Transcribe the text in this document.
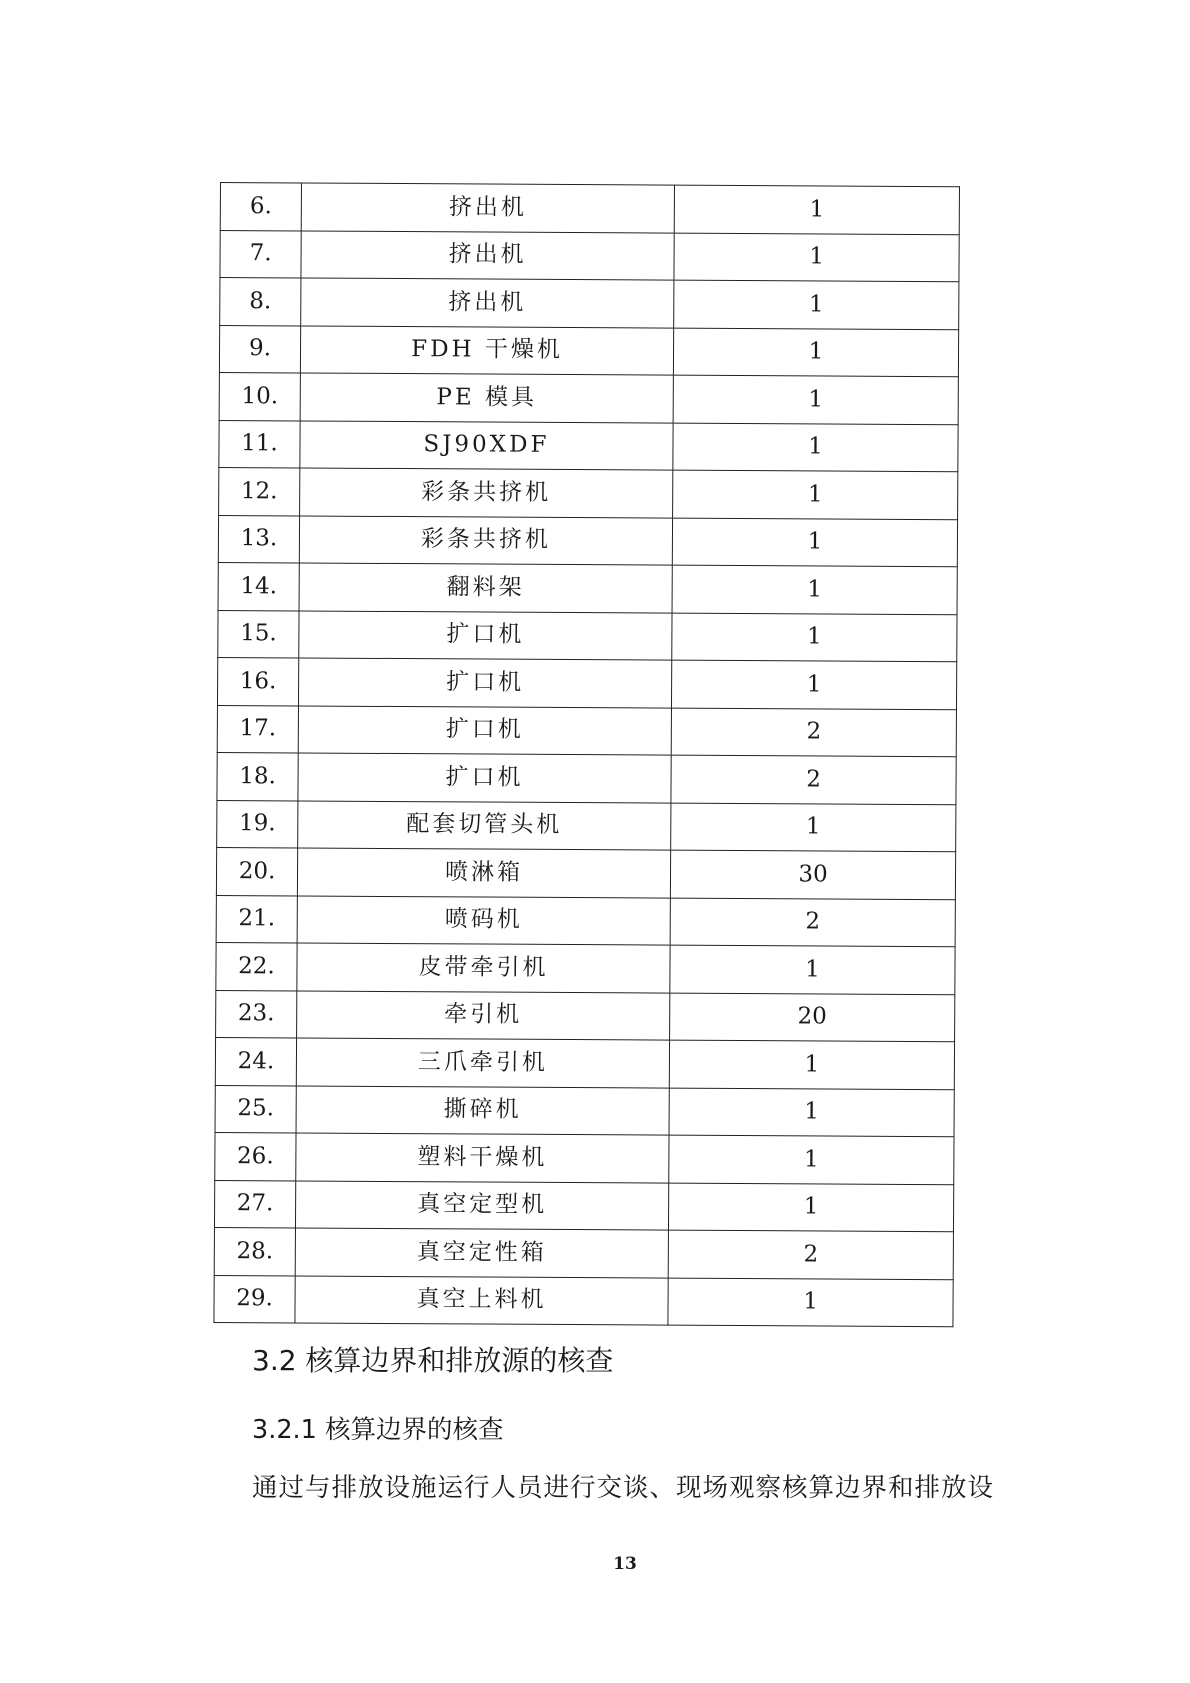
6.	挤出机	1
7.	挤出机	1
8.	挤出机	1
9.	FDH 干燥机	1
10.	PE 模具	1
11.	SJ90XDF	1
12.	彩条共挤机	1
13.	彩条共挤机	1
14.	翻料架	1
15.	扩口机	1
16.	扩口机	1
17.	扩口机	2
18.	扩口机	2
19.	配套切管头机	1
20.	喷淋箱	30
21.	喷码机	2
22.	皮带牵引机	1
23.	牵引机	20
24.	三爪牵引机	1
25.	撕碎机	1
26.	塑料干燥机	1
27.	真空定型机	1
28.	真空定性箱	2
29.	真空上料机	1
3.2 核算边界和排放源的核查
3.2.1 核算边界的核查

通过与排放设施运行人员进行交谈、现场观察核算边界和排放设

13
